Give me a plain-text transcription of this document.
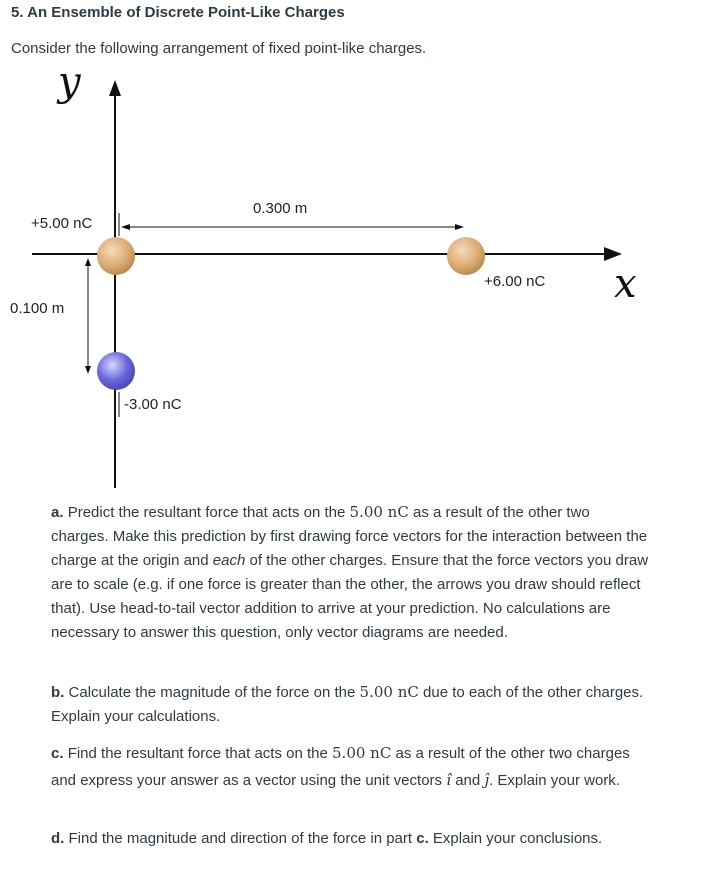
5. An Ensemble of Discrete Point-Like Charges
Consider the following arrangement of fixed point-like charges.
y
x
+5.00 nC
0.300 m
+6.00 nC
0.100 m
-3.00 nC
a. Predict the resultant force that acts on the 5.00 nC as a result of the other two charges. Make this prediction by first drawing force vectors for the interaction between the charge at the origin and each of the other charges. Ensure that the force vectors you draw are to scale (e.g. if one force is greater than the other, the arrows you draw should reflect that). Use head-to-tail vector addition to arrive at your prediction. No calculations are necessary to answer this question, only vector diagrams are needed.
b. Calculate the magnitude of the force on the 5.00 nC due to each of the other charges. Explain your calculations.
c. Find the resultant force that acts on the 5.00 nC as a result of the other two charges and express your answer as a vector using the unit vectors î and ĵ. Explain your work.
d. Find the magnitude and direction of the force in part c. Explain your conclusions.
